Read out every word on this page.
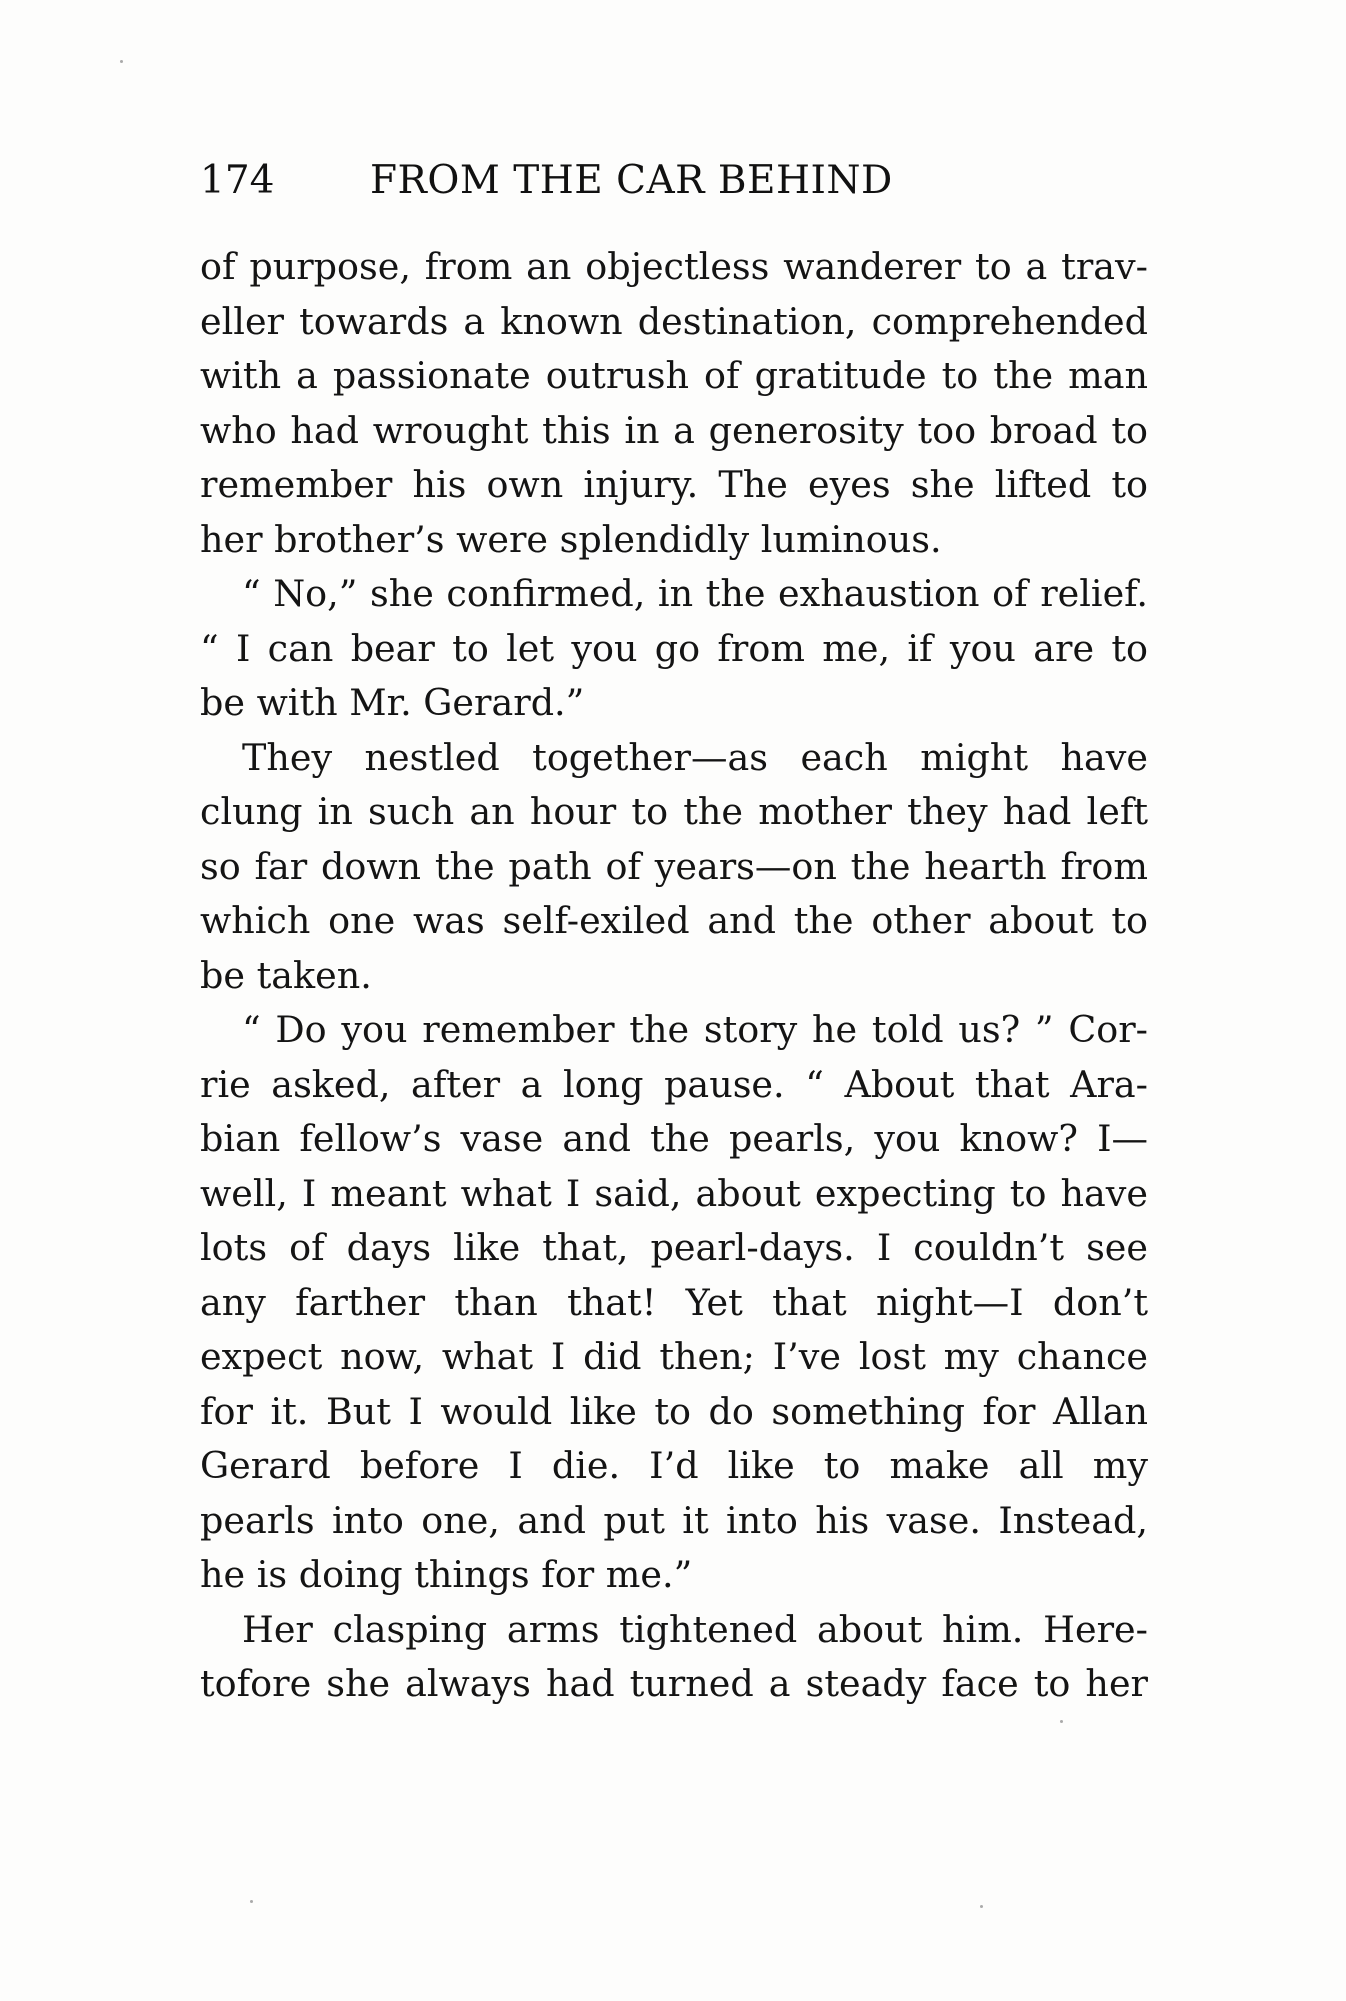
174 FROM THE CAR BEHIND
of purpose, from an objectless wanderer to a trav-
eller towards a known destination, comprehended
with a passionate outrush of gratitude to the man
who had wrought this in a generosity too broad to
remember his own injury. The eyes she lifted to
her brother’s were splendidly luminous.
“ No,” she confirmed, in the exhaustion of relief.
“ I can bear to let you go from me, if you are to
be with Mr. Gerard.”
They nestled together—as each might have
clung in such an hour to the mother they had left
so far down the path of years—on the hearth from
which one was self-exiled and the other about to
be taken.
“ Do you remember the story he told us? ” Cor-
rie asked, after a long pause. “ About that Ara-
bian fellow’s vase and the pearls, you know? I—
well, I meant what I said, about expecting to have
lots of days like that, pearl-days. I couldn’t see
any farther than that! Yet that night—I don’t
expect now, what I did then; I’ve lost my chance
for it. But I would like to do something for Allan
Gerard before I die. I’d like to make all my
pearls into one, and put it into his vase. Instead,
he is doing things for me.”
Her clasping arms tightened about him. Here-
tofore she always had turned a steady face to her
